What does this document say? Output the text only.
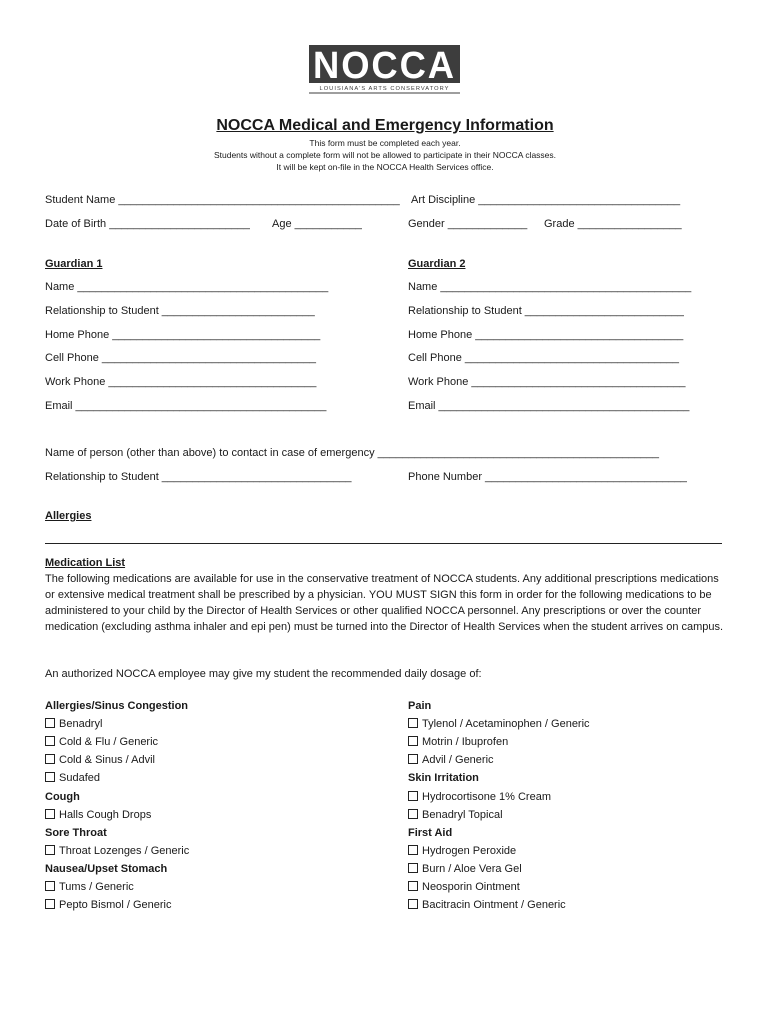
NOCCA
LOUISIANA'S ARTS CONSERVATORY
NOCCA Medical and Emergency Information
This form must be completed each year.
Students without a complete form will not be allowed to participate in their NOCCA classes.
It will be kept on-file in the NOCCA Health Services office.
Student Name ______________________________________________ Art Discipline _________________________________
Date of Birth _______________________ Age ___________	Gender _____________ Grade _________________
Guardian 1
Name _________________________________________
Relationship to Student _________________________
Home Phone __________________________________
Cell Phone ___________________________________
Work Phone __________________________________
Email _________________________________________
Guardian 2
Name _________________________________________
Relationship to Student __________________________
Home Phone __________________________________
Cell Phone ___________________________________
Work Phone ___________________________________
Email _________________________________________
Name of person (other than above) to contact in case of emergency ______________________________________________
Relationship to Student _______________________________	Phone Number _________________________________
Allergies
Medication List
The following medications are available for use in the conservative treatment of NOCCA students. Any additional prescriptions medications or extensive medical treatment shall be prescribed by a physician. YOU MUST SIGN this form in order for the following medications to be administered to your child by the Director of Health Services or other qualified NOCCA personnel. Any prescriptions or over the counter medication (excluding asthma inhaler and epi pen) must be turned into the Director of Health Services when the student arrives on campus.
An authorized NOCCA employee may give my student the recommended daily dosage of:
Allergies/Sinus Congestion
Benadryl
Cold & Flu / Generic
Cold & Sinus / Advil
Sudafed
Cough
Halls Cough Drops
Sore Throat
Throat Lozenges / Generic
Nausea/Upset Stomach
Tums / Generic
Pepto Bismol / Generic
Pain
Tylenol / Acetaminophen / Generic
Motrin / Ibuprofen
Advil / Generic
Skin Irritation
Hydrocortisone 1% Cream
Benadryl Topical
First Aid
Hydrogen Peroxide
Burn / Aloe Vera Gel
Neosporin Ointment
Bacitracin Ointment / Generic
